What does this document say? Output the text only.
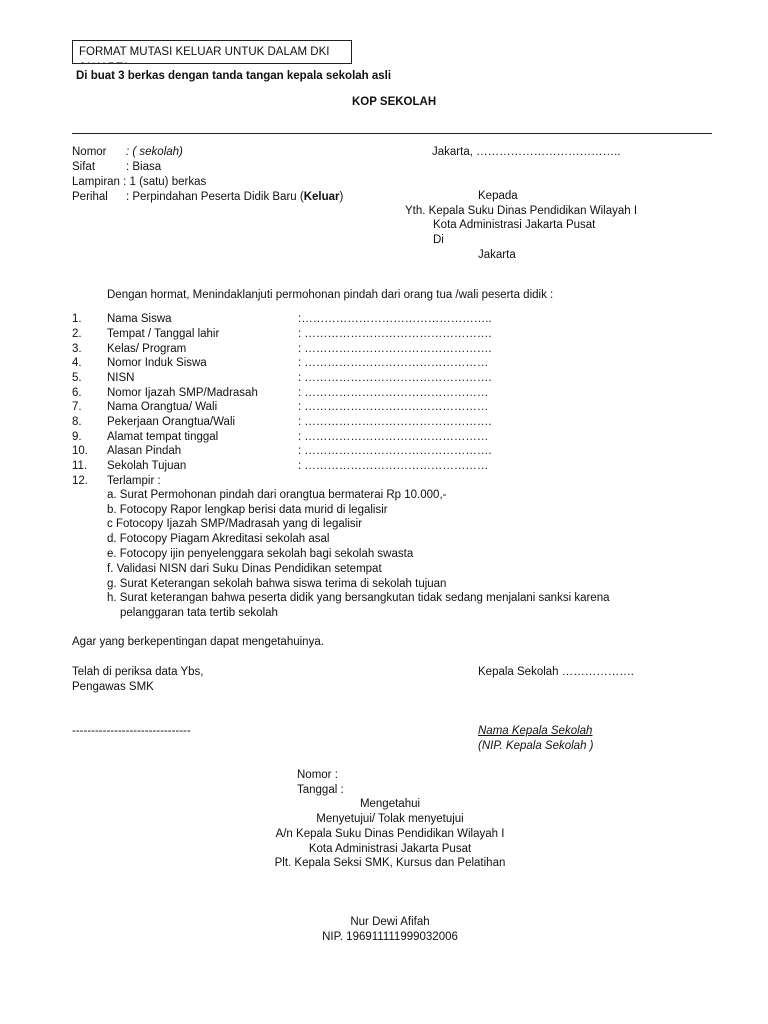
FORMAT MUTASI KELUAR UNTUK DALAM DKI
Di buat 3 berkas dengan tanda tangan kepala sekolah asli
KOP SEKOLAH
Nomor : ( sekolah)
Sifat	: Biasa
Lampiran : 1 (satu) berkas
Perihal : Perpindahan Peserta Didik Baru (Keluar)
Jakarta, ………………………………..
Kepada
Yth. Kepala Suku Dinas Pendidikan Wilayah I
Kota Administrasi Jakarta Pusat
Di
Jakarta
Dengan hormat, Menindaklanjuti permohonan pindah dari orang tua /wali peserta didik :
1. Nama Siswa	:…………………………………………..
2. Tempat / Tanggal lahir	: ………………………………………….
3. Kelas/ Program	: ………………………………………….
4. Nomor Induk Siswa	: …………………………………………
5. NISN	: ………………………………………….
6. Nomor Ijazah SMP/Madrasah	: …………………………………………
7. Nama Orangtua/ Wali	: …………………………………………
8. Pekerjaan Orangtua/Wali	: ………………………………………….
9. Alamat tempat tinggal	: …………………………………………
10. Alasan Pindah	: ………………………………………….
11. Sekolah Tujuan	: …………………………………………
12. Terlampir :
a. Surat Permohonan pindah dari orangtua bermaterai Rp 10.000,-
b. Fotocopy Rapor lengkap berisi data murid di legalisir
c Fotocopy Ijazah SMP/Madrasah yang di legalisir
d. Fotocopy Piagam Akreditasi sekolah asal
e. Fotocopy ijin penyelenggara sekolah bagi sekolah swasta
f. Validasi NISN dari Suku Dinas Pendidikan setempat
g. Surat Keterangan sekolah bahwa siswa terima di sekolah tujuan
h. Surat keterangan bahwa peserta didik yang bersangkutan tidak sedang menjalani sanksi karena
pelanggaran tata tertib sekolah
Agar yang berkepentingan dapat mengetahuinya.
Telah di periksa data Ybs,
Pengawas SMK
Kepala Sekolah ……………….
-------------------------------	Nama Kepala Sekolah
(NIP. Kepala Sekolah )
Nomor :
Tanggal :
Mengetahui
Menyetujui/ Tolak menyetujui
A/n Kepala Suku Dinas Pendidikan Wilayah I
Kota Administrasi Jakarta Pusat
Plt. Kepala Seksi SMK, Kursus dan Pelatihan
Nur Dewi Afifah
NIP. 196911111999032006
